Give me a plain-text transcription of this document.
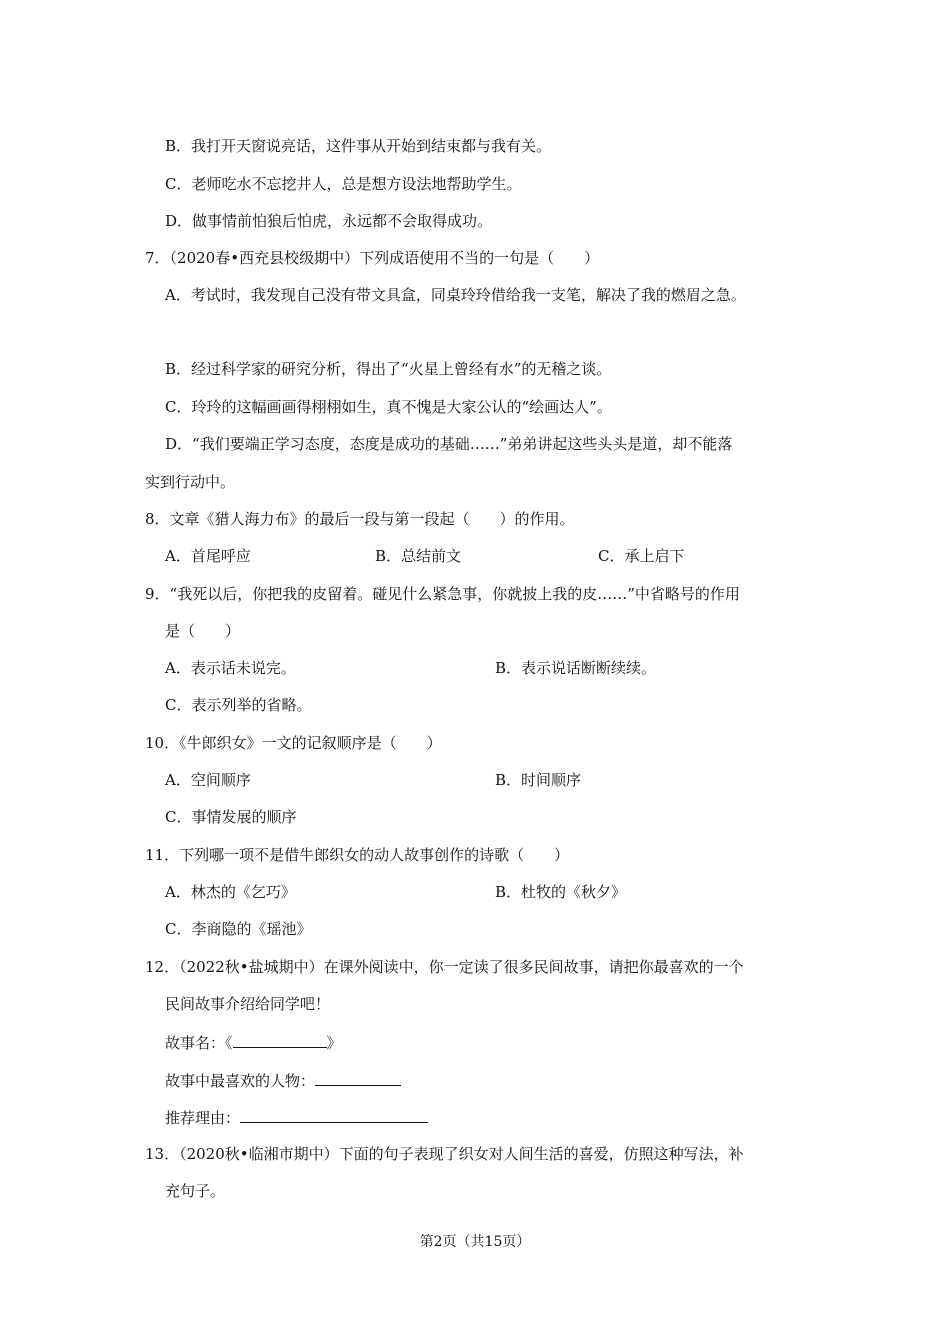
B．我打开天窗说亮话，这件事从开始到结束都与我有关。
C．老师吃水不忘挖井人，总是想方设法地帮助学生。
D．做事情前怕狼后怕虎，永远都不会取得成功。
7．（2020春•西充县校级期中）下列成语使用不当的一句是（　　）
A．考试时，我发现自己没有带文具盒，同桌玲玲借给我一支笔，解决了我的燃眉之急。
B．经过科学家的研究分析，得出了“火星上曾经有水”的无稽之谈。
C．玲玲的这幅画画得栩栩如生，真不愧是大家公认的“绘画达人”。
D．“我们要端正学习态度，态度是成功的基础……”弟弟讲起这些头头是道，却不能落
实到行动中。
8．文章《猎人海力布》的最后一段与第一段起（　　）的作用。
A．首尾呼应	B．总结前文	C．承上启下
9．“我死以后，你把我的皮留着。碰见什么紧急事，你就披上我的皮……”中省略号的作用
是（　　）
A．表示话未说完。	B．表示说话断断续续。
C．表示列举的省略。
10．《牛郎织女》一文的记叙顺序是（　　）
A．空间顺序	B．时间顺序
C．事情发展的顺序
11．下列哪一项不是借牛郎织女的动人故事创作的诗歌（　　）
A．林杰的《乞巧》	B．杜牧的《秋夕》
C．李商隐的《瑶池》
12．（2022秋•盐城期中）在课外阅读中，你一定读了很多民间故事，请把你最喜欢的一个
民间故事介绍给同学吧！
故事名：《	》
故事中最喜欢的人物：
推荐理由：
13．（2020秋•临湘市期中）下面的句子表现了织女对人间生活的喜爱，仿照这种写法，补
充句子。
第2页（共15页）
